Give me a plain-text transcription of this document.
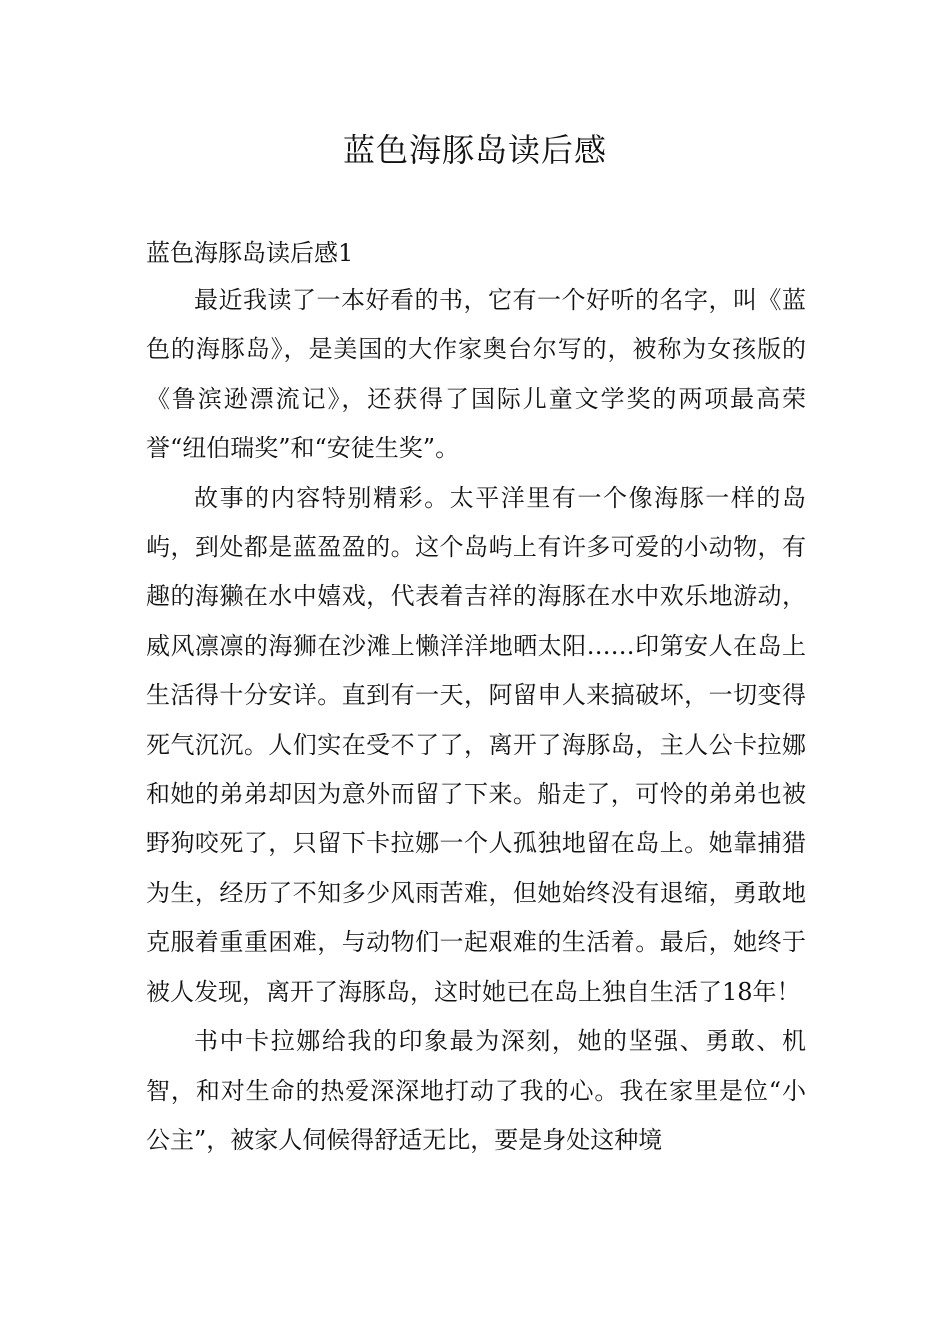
蓝色海豚岛读后感

蓝色海豚岛读后感1

最近我读了一本好看的书，它有一个好听的名字，叫《蓝色的海豚岛》，是美国的大作家奥台尔写的，被称为女孩版的《鲁滨逊漂流记》，还获得了国际儿童文学奖的两项最高荣誉“纽伯瑞奖”和“安徒生奖”。

故事的内容特别精彩。太平洋里有一个像海豚一样的岛屿，到处都是蓝盈盈的。这个岛屿上有许多可爱的小动物，有趣的海獭在水中嬉戏，代表着吉祥的海豚在水中欢乐地游动，威风凛凛的海狮在沙滩上懒洋洋地晒太阳……印第安人在岛上生活得十分安详。直到有一天，阿留申人来搞破坏，一切变得死气沉沉。人们实在受不了了，离开了海豚岛，主人公卡拉娜和她的弟弟却因为意外而留了下来。船走了，可怜的弟弟也被野狗咬死了，只留下卡拉娜一个人孤独地留在岛上。她靠捕猎为生，经历了不知多少风雨苦难，但她始终没有退缩，勇敢地克服着重重困难，与动物们一起艰难的生活着。最后，她终于被人发现，离开了海豚岛，这时她已在岛上独自生活了18年！

书中卡拉娜给我的印象最为深刻，她的坚强、勇敢、机智，和对生命的热爱深深地打动了我的心。我在家里是位“小公主”，被家人伺候得舒适无比，要是身处这种境
